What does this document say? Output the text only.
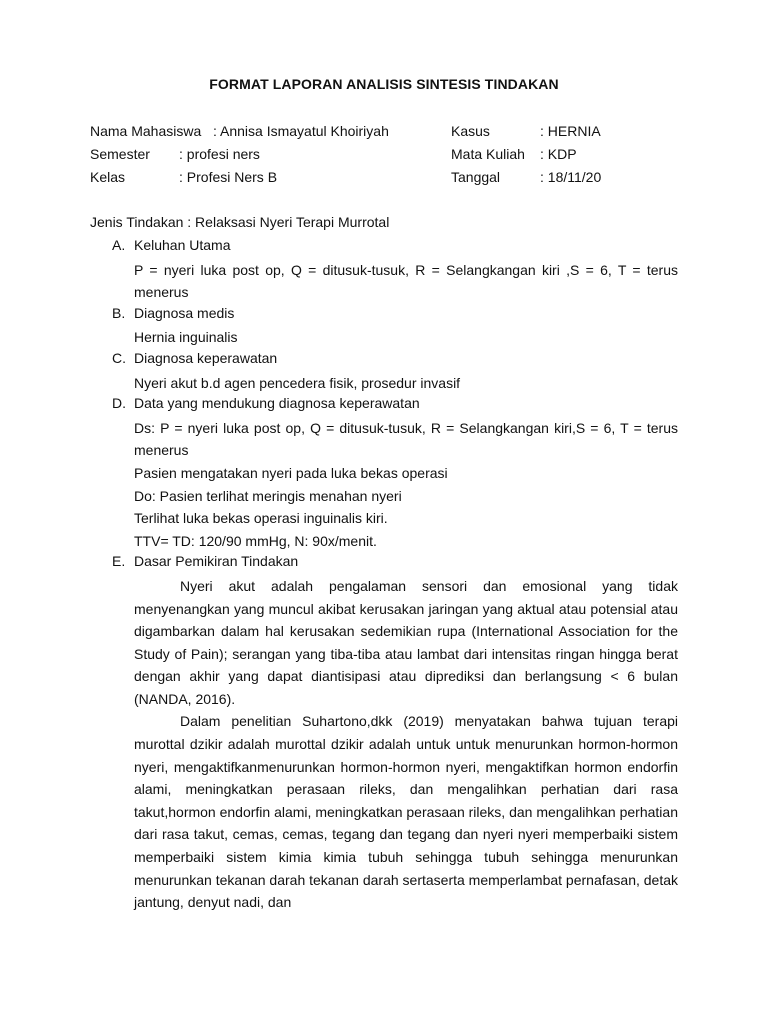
FORMAT LAPORAN ANALISIS SINTESIS TINDAKAN
Nama Mahasiswa : Annisa Ismayatul Khoiriyah	Kasus	: HERNIA
Semester : profesi ners	Mata Kuliah : KDP
Kelas	: Profesi Ners B	Tanggal	: 18/11/20
Jenis Tindakan : Relaksasi Nyeri Terapi Murrotal
A. Keluhan Utama
P = nyeri luka post op, Q = ditusuk-tusuk, R = Selangkangan kiri ,S = 6, T = terus menerus
B. Diagnosa medis
Hernia inguinalis
C. Diagnosa keperawatan
Nyeri akut b.d agen pencedera fisik, prosedur invasif
D. Data yang mendukung diagnosa keperawatan
Ds: P = nyeri luka post op, Q = ditusuk-tusuk, R = Selangkangan kiri,S = 6, T = terus menerus
Pasien mengatakan nyeri pada luka bekas operasi
Do: Pasien terlihat meringis menahan nyeri
Terlihat luka bekas operasi inguinalis kiri.
TTV= TD: 120/90 mmHg, N: 90x/menit.
E. Dasar Pemikiran Tindakan
Nyeri akut adalah pengalaman sensori dan emosional yang tidak menyenangkan yang muncul akibat kerusakan jaringan yang aktual atau potensial atau digambarkan dalam hal kerusakan sedemikian rupa (International Association for the Study of Pain); serangan yang tiba-tiba atau lambat dari intensitas ringan hingga berat dengan akhir yang dapat diantisipasi atau diprediksi dan berlangsung < 6 bulan (NANDA, 2016).
Dalam penelitian Suhartono,dkk (2019) menyatakan bahwa tujuan terapi murottal dzikir adalah murottal dzikir adalah untuk untuk menurunkan hormon-hormon nyeri, mengaktifkanmenurunkan hormon-hormon nyeri, mengaktifkan hormon endorfin alami, meningkatkan perasaan rileks, dan mengalihkan perhatian dari rasa takut,hormon endorfin alami, meningkatkan perasaan rileks, dan mengalihkan perhatian dari rasa takut, cemas, cemas, tegang dan tegang dan nyeri nyeri memperbaiki sistem memperbaiki sistem kimia kimia tubuh sehingga tubuh sehingga menurunkan menurunkan tekanan darah tekanan darah sertaserta memperlambat pernafasan, detak jantung, denyut nadi, dan
